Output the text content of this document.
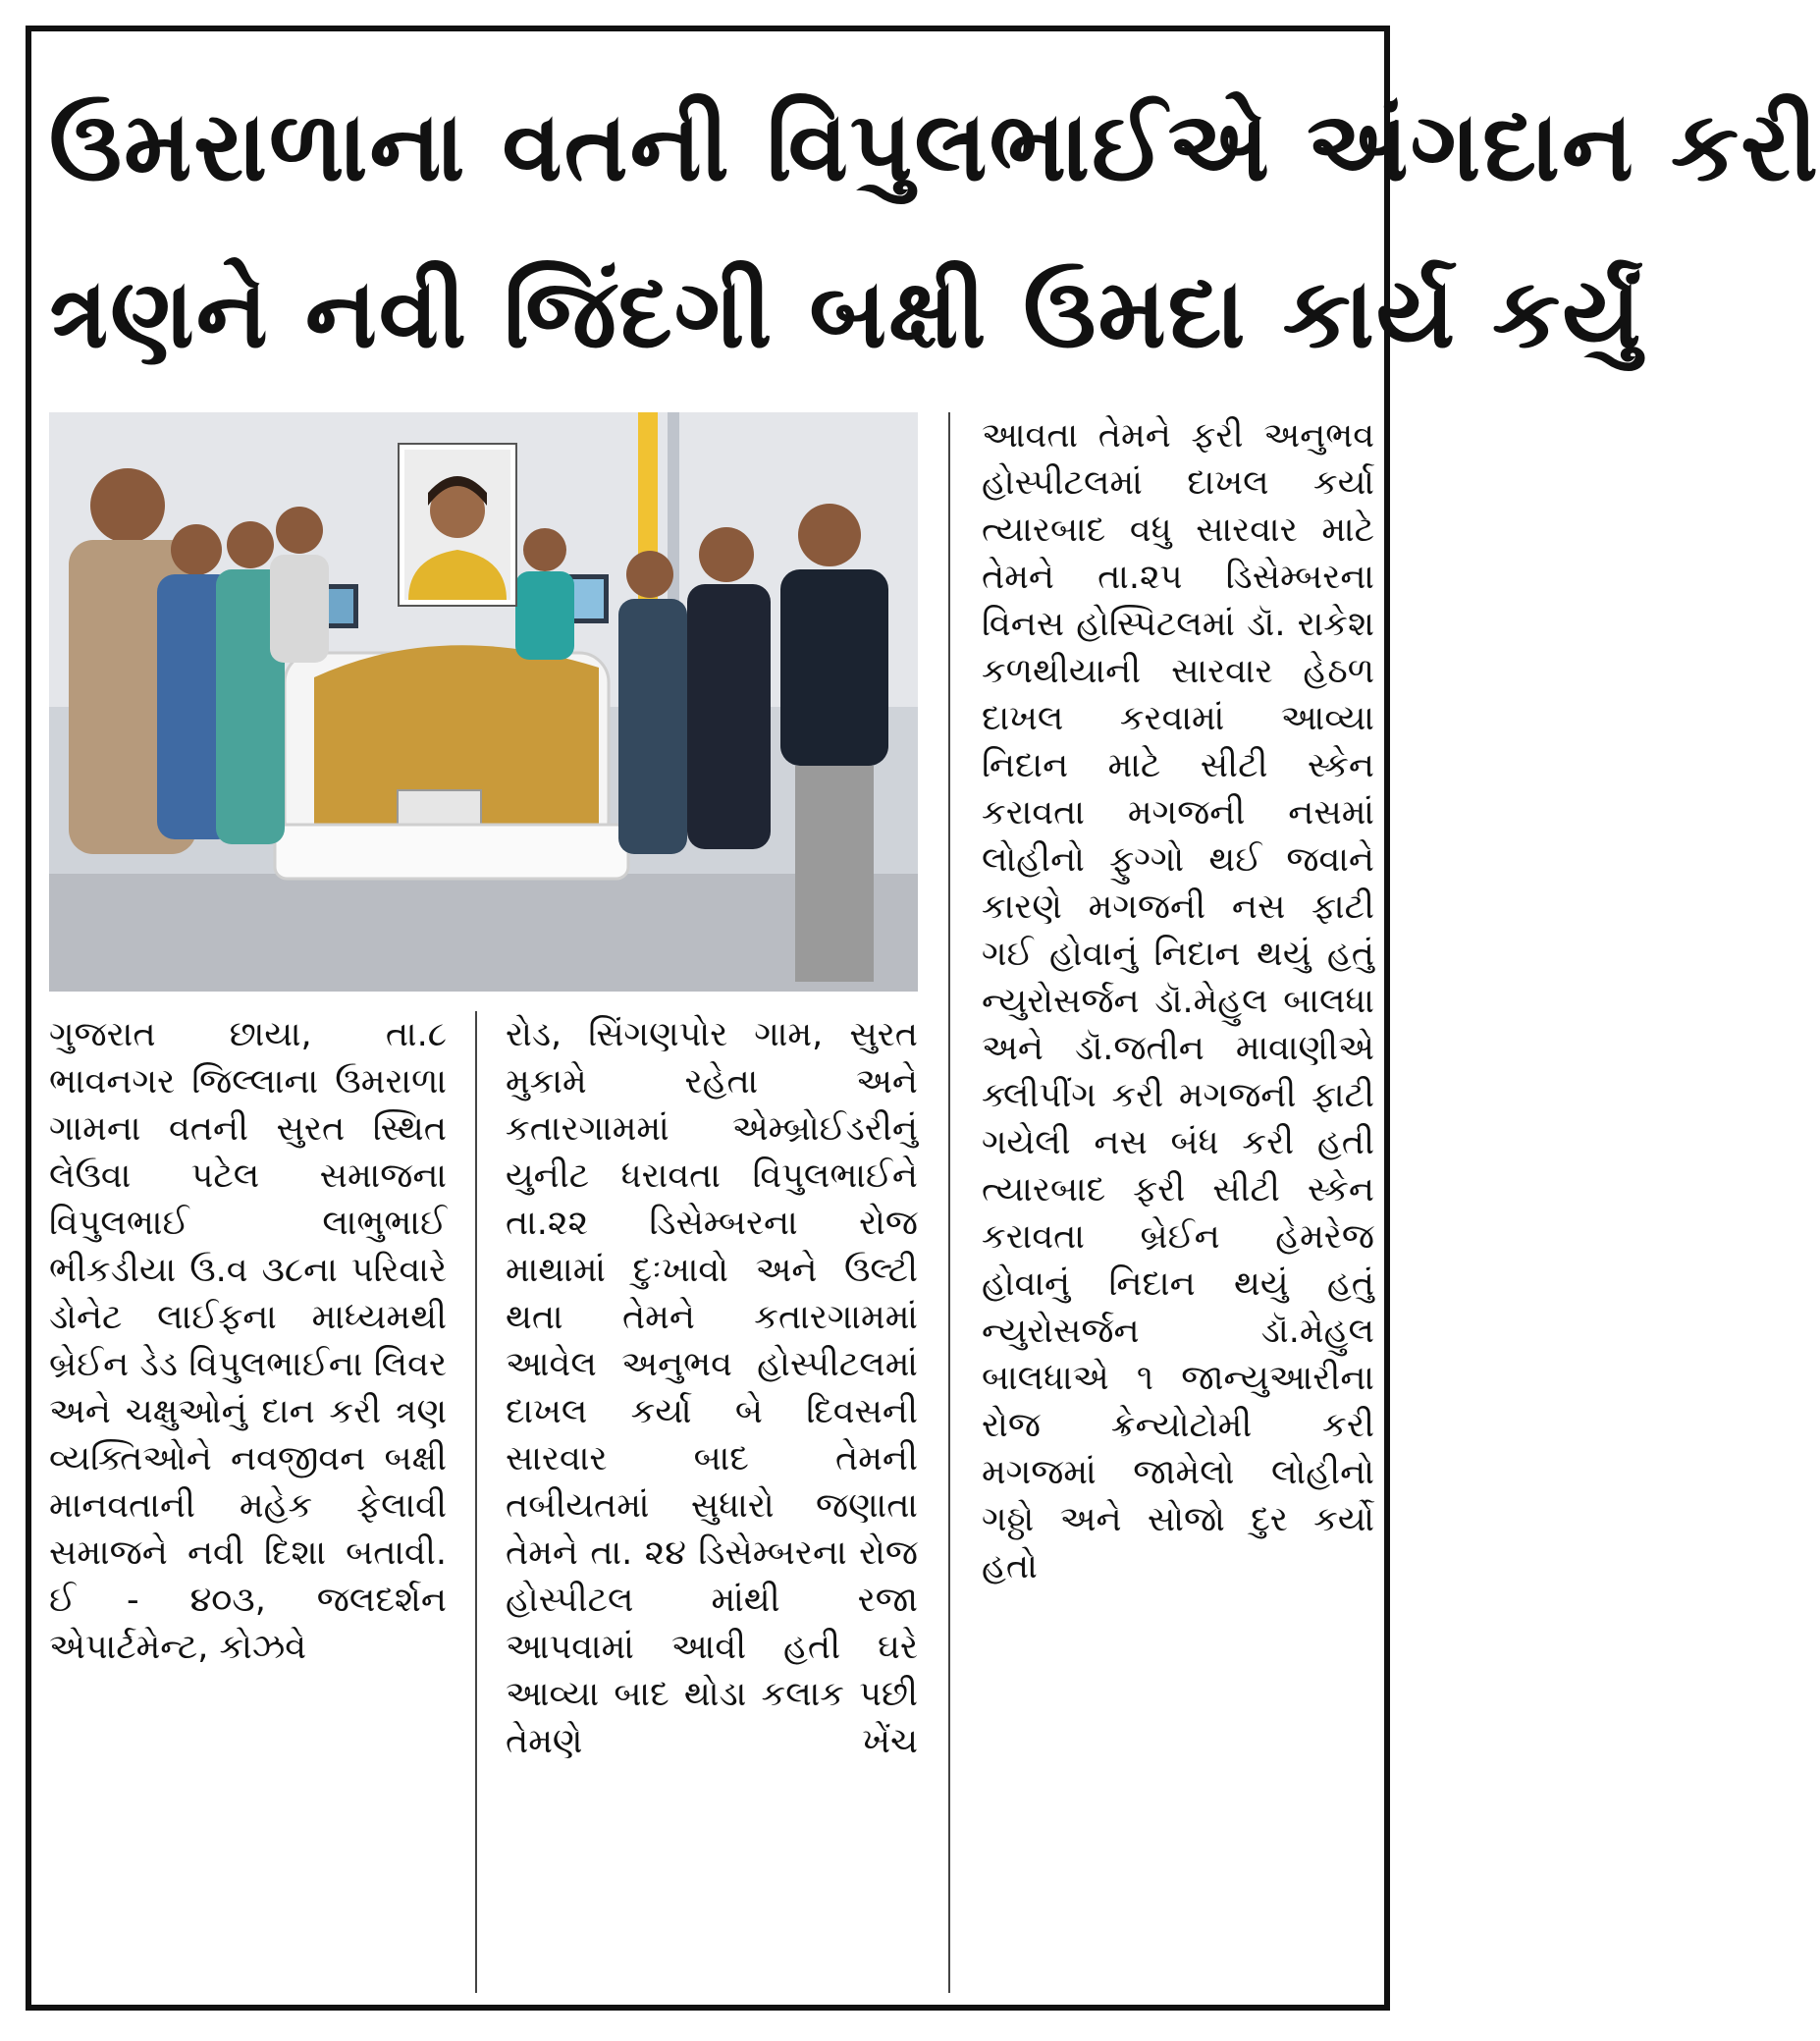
ઉમરાળાના વતની વિપુલભાઈએ અંગદાન કરી
ત્રણને નવી જિંદગી બક્ષી ઉમદા કાર્ય કર્યું

ગુજરાત છાયા, તા.૮ ભાવનગર જિલ્લાના ઉમરાળા ગામના વતની સુરત સ્થિત લેઉવા પટેલ સમાજના વિપુલભાઈ લાભુભાઈ ભીકડીયા ઉ.વ ૩૮ના પરિવારે ડોનેટ લાઈફના માધ્યમથી બ્રેઈન ડેડ વિપુલભાઈના લિવર અને ચક્ષુઓનું દાન કરી ત્રણ વ્યક્તિઓને નવજીવન બક્ષી માનવતાની મહેક ફેલાવી સમાજને નવી દિશા બતાવી.

ઈ - ૪૦૩, જલદર્શન એપાર્ટમેન્ટ, કોઝવે

રોડ, સિંગણપોર ગામ, સુરત મુકામે રહેતા અને કતારગામમાં એમ્બ્રોઈડરીનું યુનીટ ધરાવતા વિપુલભાઈને તા.૨૨ ડિસેમ્બરના રોજ માથામાં દુઃખાવો અને ઉલ્ટી થતા તેમને કતારગામમાં આવેલ અનુભવ હોસ્પીટલમાં દાખલ કર્યા બે દિવસની સારવાર બાદ તેમની તબીયતમાં સુધારો જણાતા તેમને તા. ૨૪ ડિસેમ્બરના રોજ હોસ્પીટલ માંથી રજા આપવામાં આવી હતી ઘરે આવ્યા બાદ થોડા કલાક પછી તેમણે ખેંચ

આવતા તેમને ફરી અનુભવ હોસ્પીટલમાં દાખલ કર્યા ત્યારબાદ વધુ સારવાર માટે તેમને તા.૨૫ ડિસેમ્બરના વિનસ હોસ્પિટલમાં ડૉ. રાકેશ કળથીયાની સારવાર હેઠળ દાખલ કરવામાં આવ્યા નિદાન માટે સીટી સ્કેન કરાવતા મગજની નસમાં લોહીનો ફુગ્ગો થઈ જવાને કારણે મગજની નસ ફાટી ગઈ હોવાનું નિદાન થયું હતું ન્યુરોસર્જન ડૉ.મેહુલ બાલધા અને ડૉ.જતીન માવાણીએ ક્લીપીંગ કરી મગજની ફાટી ગયેલી નસ બંધ કરી હતી ત્યારબાદ ફરી સીટી સ્કેન કરાવતા બ્રેઈન હેમરેજ હોવાનું નિદાન થયું હતું ન્યુરોસર્જન ડૉ.મેહુલ બાલધાએ ૧ જાન્યુઆરીના રોજ ક્રેન્યોટોમી કરી મગજમાં જામેલો લોહીનો ગઠ્ઠો અને સોજો દુર કર્યો હતો
